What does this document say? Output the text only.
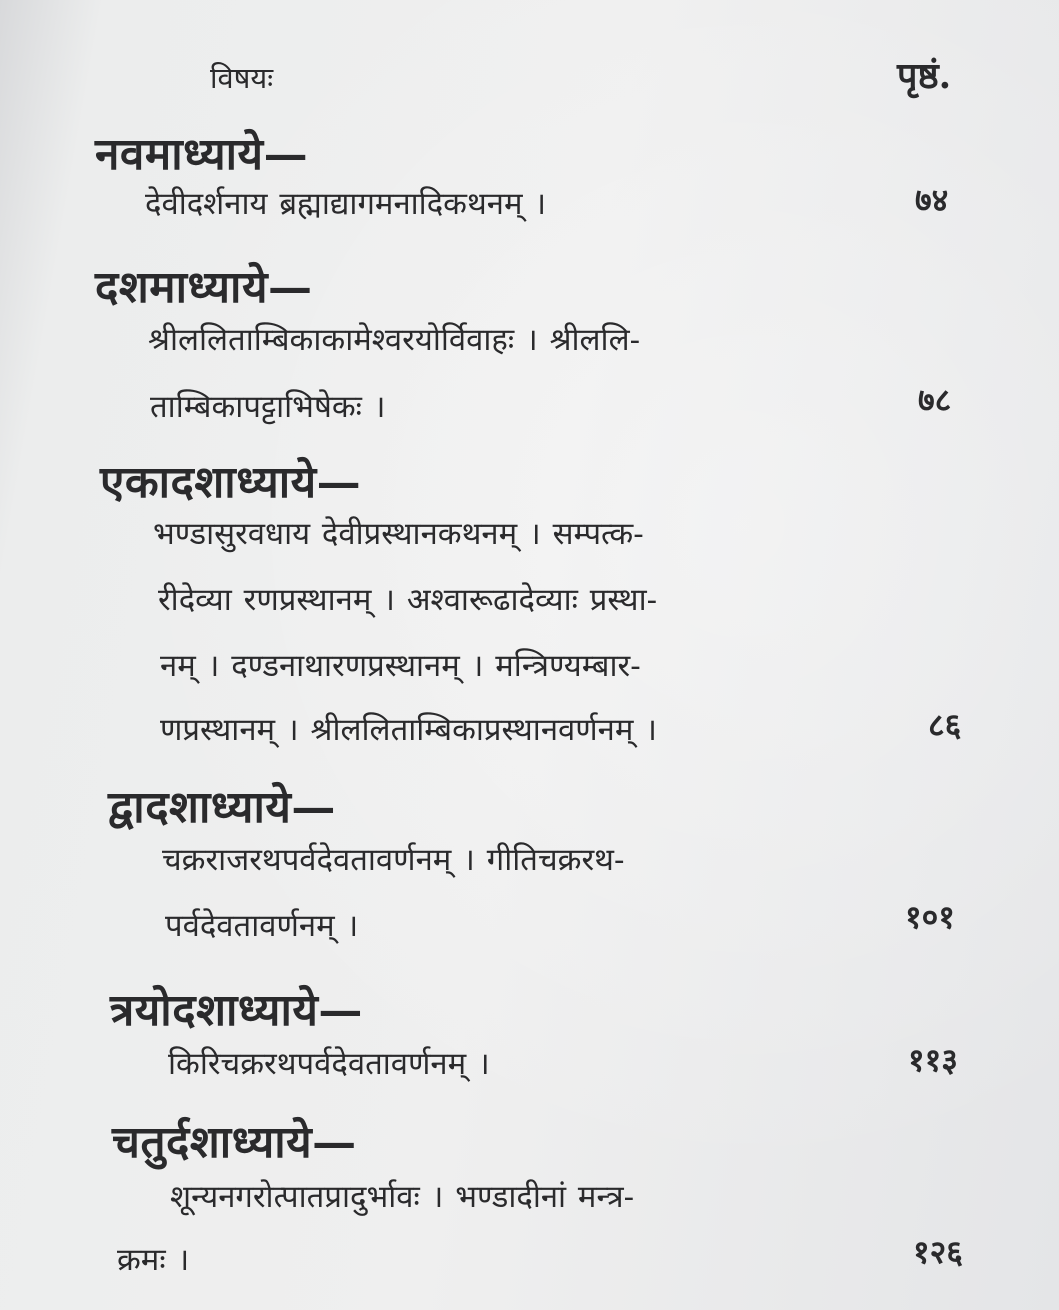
विषयः	पृष्ठं.
नवमाध्याये—
देवीदर्शनाय ब्रह्माद्यागमनादिकथनम् ।	७४
दशमाध्याये—
श्रीललिताम्बिकाकामेश्वरयोर्विवाहः । श्रीललि-
ताम्बिकापट्टाभिषेकः ।	७८
एकादशाध्याये—
भण्डासुरवधाय देवीप्रस्थानकथनम् । सम्पत्क-
रीदेव्या रणप्रस्थानम् । अश्वारूढादेव्याः प्रस्था-
नम् । दण्डनाथारणप्रस्थानम् । मन्त्रिण्यम्बार-
णप्रस्थानम् । श्रीललिताम्बिकाप्रस्थानवर्णनम् ।	८६
द्वादशाध्याये—
चक्रराजरथपर्वदेवतावर्णनम् । गीतिचक्ररथ-
पर्वदेवतावर्णनम् ।	१०१
त्रयोदशाध्याये—
किरिचक्ररथपर्वदेवतावर्णनम् ।	११३
चतुर्दशाध्याये—
शून्यनगरोत्पातप्रादुर्भावः । भण्डादीनां मन्त्र-
क्रमः ।	१२६
